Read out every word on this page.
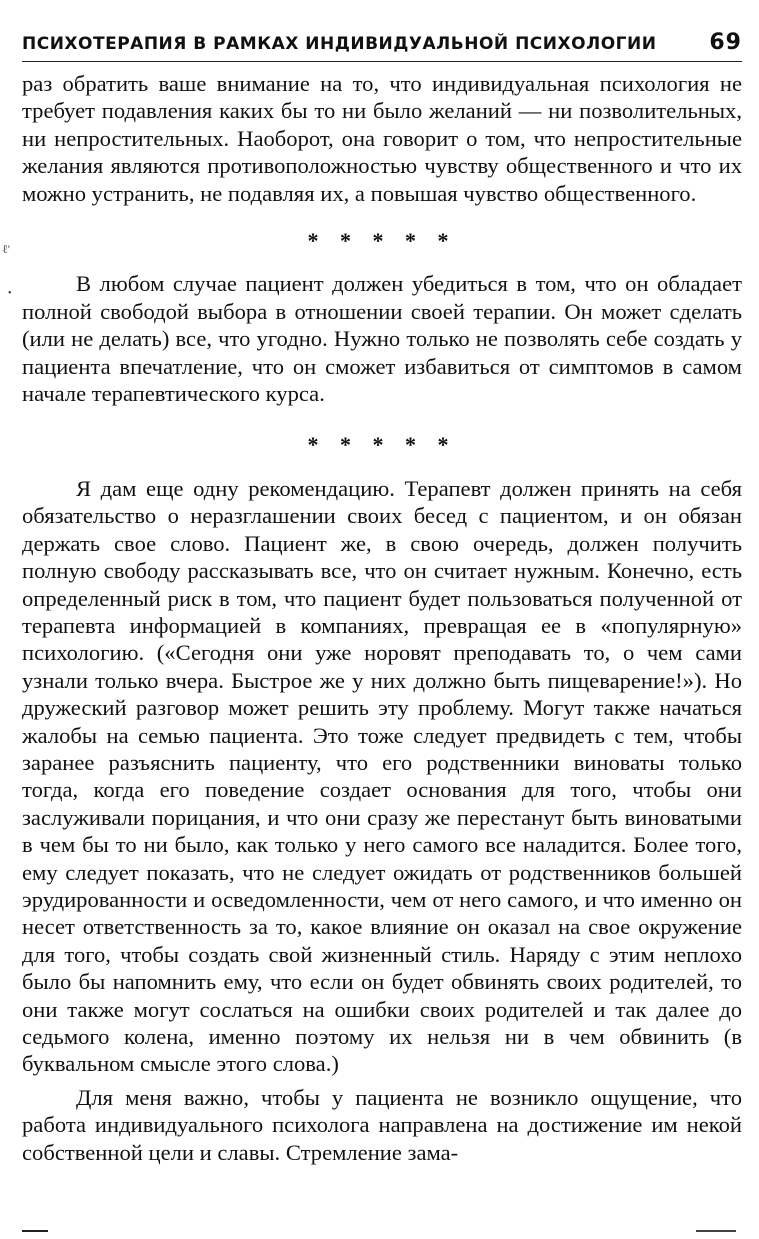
ℓ'
•
ПСИХОТЕРАПИЯ В РАМКАХ ИНДИВИДУАЛЬНОЙ ПСИХОЛОГИИ 69

раз обратить ваше внимание на то, что индивидуальная психология не требует подавления каких бы то ни было желаний — ни позволительных, ни непростительных. Наоборот, она говорит о том, что непростительные желания являются противоположностью чувству общественного и что их можно устранить, не подавляя их, а повышая чувство общественного.

* * * * *

В любом случае пациент должен убедиться в том, что он обладает полной свободой выбора в отношении своей терапии. Он может сделать (или не делать) все, что угодно. Нужно только не позволять себе создать у пациента впечатление, что он сможет избавиться от симптомов в самом начале терапевтического курса.

* * * * *

Я дам еще одну рекомендацию. Терапевт должен принять на себя обязательство о неразглашении своих бесед с пациентом, и он обязан держать свое слово. Пациент же, в свою очередь, должен получить полную свободу рассказывать все, что он считает нужным. Конечно, есть определенный риск в том, что пациент будет пользоваться полученной от терапевта информацией в компаниях, превращая ее в «популярную» психологию. («Сегодня они уже норовят преподавать то, о чем сами узнали только вчера. Быстрое же у них должно быть пищеварение!»). Но дружеский разговор может решить эту проблему. Могут также начаться жалобы на семью пациента. Это тоже следует предвидеть с тем, чтобы заранее разъяснить пациенту, что его родственники виноваты только тогда, когда его поведение создает основания для того, чтобы они заслуживали порицания, и что они сразу же перестанут быть виноватыми в чем бы то ни было, как только у него самого все наладится. Более того, ему следует показать, что не следует ожидать от родственников большей эрудированности и осведомленности, чем от него самого, и что именно он несет ответственность за то, какое влияние он оказал на свое окружение для того, чтобы создать свой жизненный стиль. Наряду с этим неплохо было бы напомнить ему, что если он будет обвинять своих родителей, то они также могут сослаться на ошибки своих родителей и так далее до седьмого колена, именно поэтому их нельзя ни в чем обвинить (в буквальном смысле этого слова.)

Для меня важно, чтобы у пациента не возникло ощущение, что работа индивидуального психолога направлена на достижение им некой собственной цели и славы. Стремление зама-
